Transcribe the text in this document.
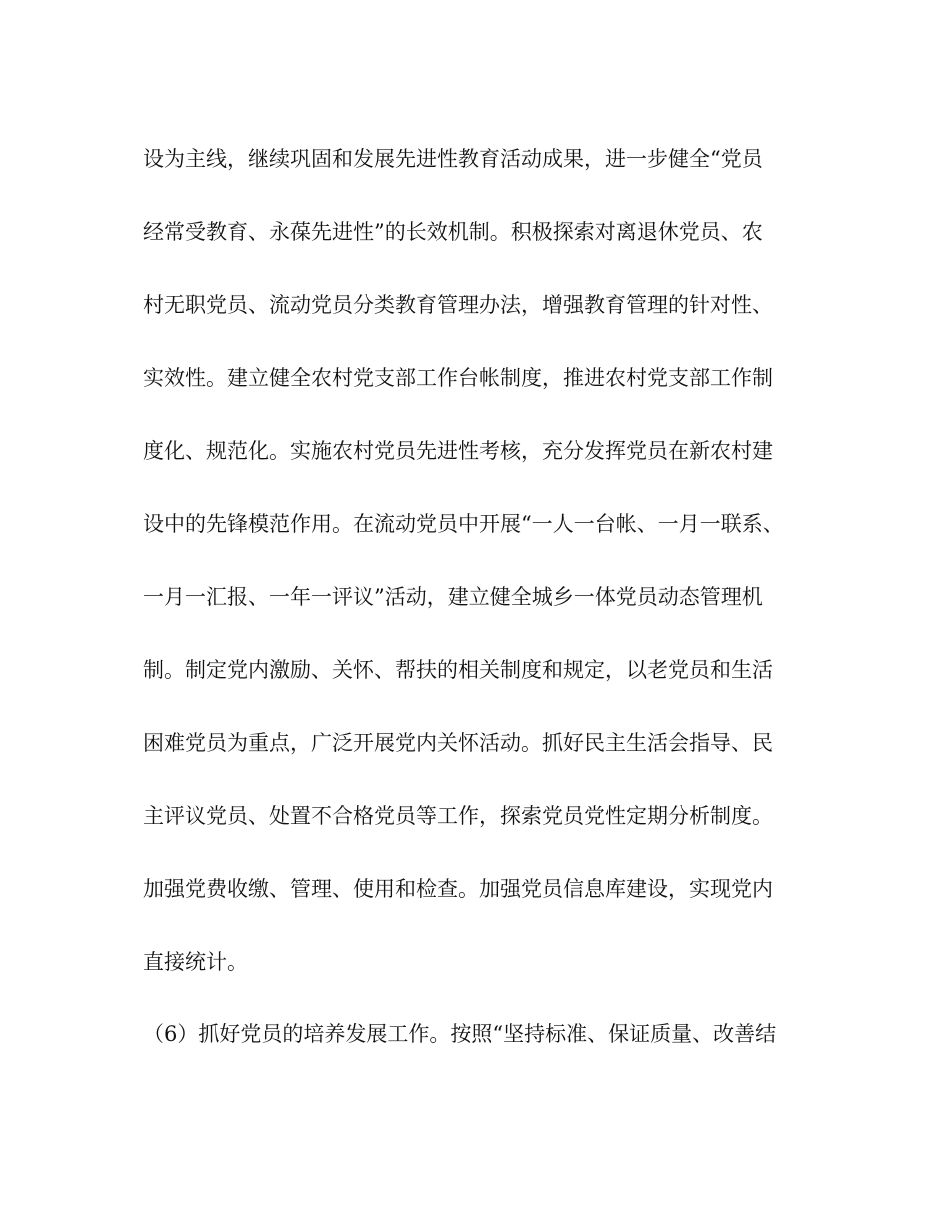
设为主线，继续巩固和发展先进性教育活动成果，进一步健全“党员
经常受教育、永葆先进性”的长效机制。积极探索对离退休党员、农
村无职党员、流动党员分类教育管理办法，增强教育管理的针对性、
实效性。建立健全农村党支部工作台帐制度，推进农村党支部工作制
度化、规范化。实施农村党员先进性考核，充分发挥党员在新农村建
设中的先锋模范作用。在流动党员中开展“一人一台帐、一月一联系、
一月一汇报、一年一评议”活动，建立健全城乡一体党员动态管理机
制。制定党内激励、关怀、帮扶的相关制度和规定，以老党员和生活
困难党员为重点，广泛开展党内关怀活动。抓好民主生活会指导、民
主评议党员、处置不合格党员等工作，探索党员党性定期分析制度。
加强党费收缴、管理、使用和检查。加强党员信息库建设，实现党内
直接统计。
（6）抓好党员的培养发展工作。按照“坚持标准、保证质量、改善结
